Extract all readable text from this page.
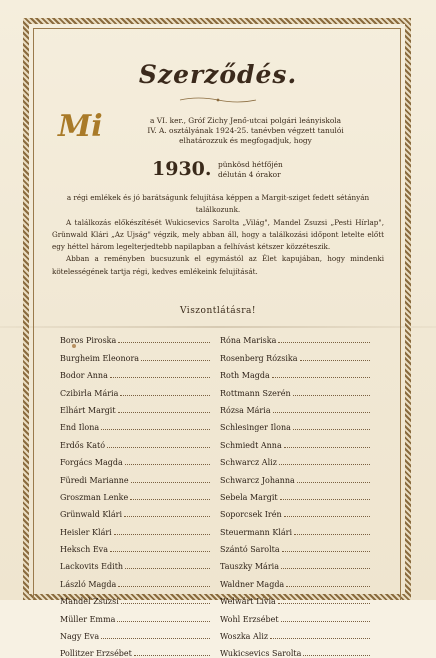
Szerződés.
Mi	a VI. ker., Gróf Zichy Jenő-utcai polgári leányiskola
IV. A. osztályának 1924-25. tanévben végzett tanulói
elhatározzuk és megfogadjuk, hogy
1930. pünkösd hétfőjén
délután 4 órakor

a régi emlékek és jó barátságunk felujítása képpen a Margit-sziget fedett sétányán találkozunk.

A találkozás előkészítését Wukicsevics Sarolta „Világ", Mandel Zsuzsi „Pesti Hírlap", Grünwald Klári „Az Ujság" végzik, mely abban áll, hogy a találkozási időpont letelte előtt egy héttel három legelterjedtebb napilapban a felhívást kétszer közzéteszik.

Abban a reményben bucsuzunk el egymástól az Élet kapujában, hogy mindenki kötelességének tartja régi, kedves emlékeink felujítását.

Viszontlátásra!
Boros Piroska	Róna Mariska
Burgheim Eleonora	Rosenberg Rózsika
Bodor Anna	Roth Magda
Czibirla Mária	Rottmann Szerén
Elhárt Margit	Rózsa Mária
End Ilona	Schlesinger Ilona
Erdős Kató	Schmiedt Anna
Forgács Magda	Schwarcz Aliz
Füredi Marianne	Schwarcz Johanna
Groszman Lenke	Sebela Margit
Grünwald Klári	Soporcsek Irén
Heisler Klári	Steuermann Klári
Heksch Éva	Szántó Sarolta
Lackovits Edith	Tauszky Mária
László Magda	Waldner Magda
Mandel Zsuzsi	Welwárt Lívia
Müller Emma	Wohl Erzsébet
Nagy Éva	Woszka Aliz
Pollitzer Erzsébet	Wukicsevics Sarolta
